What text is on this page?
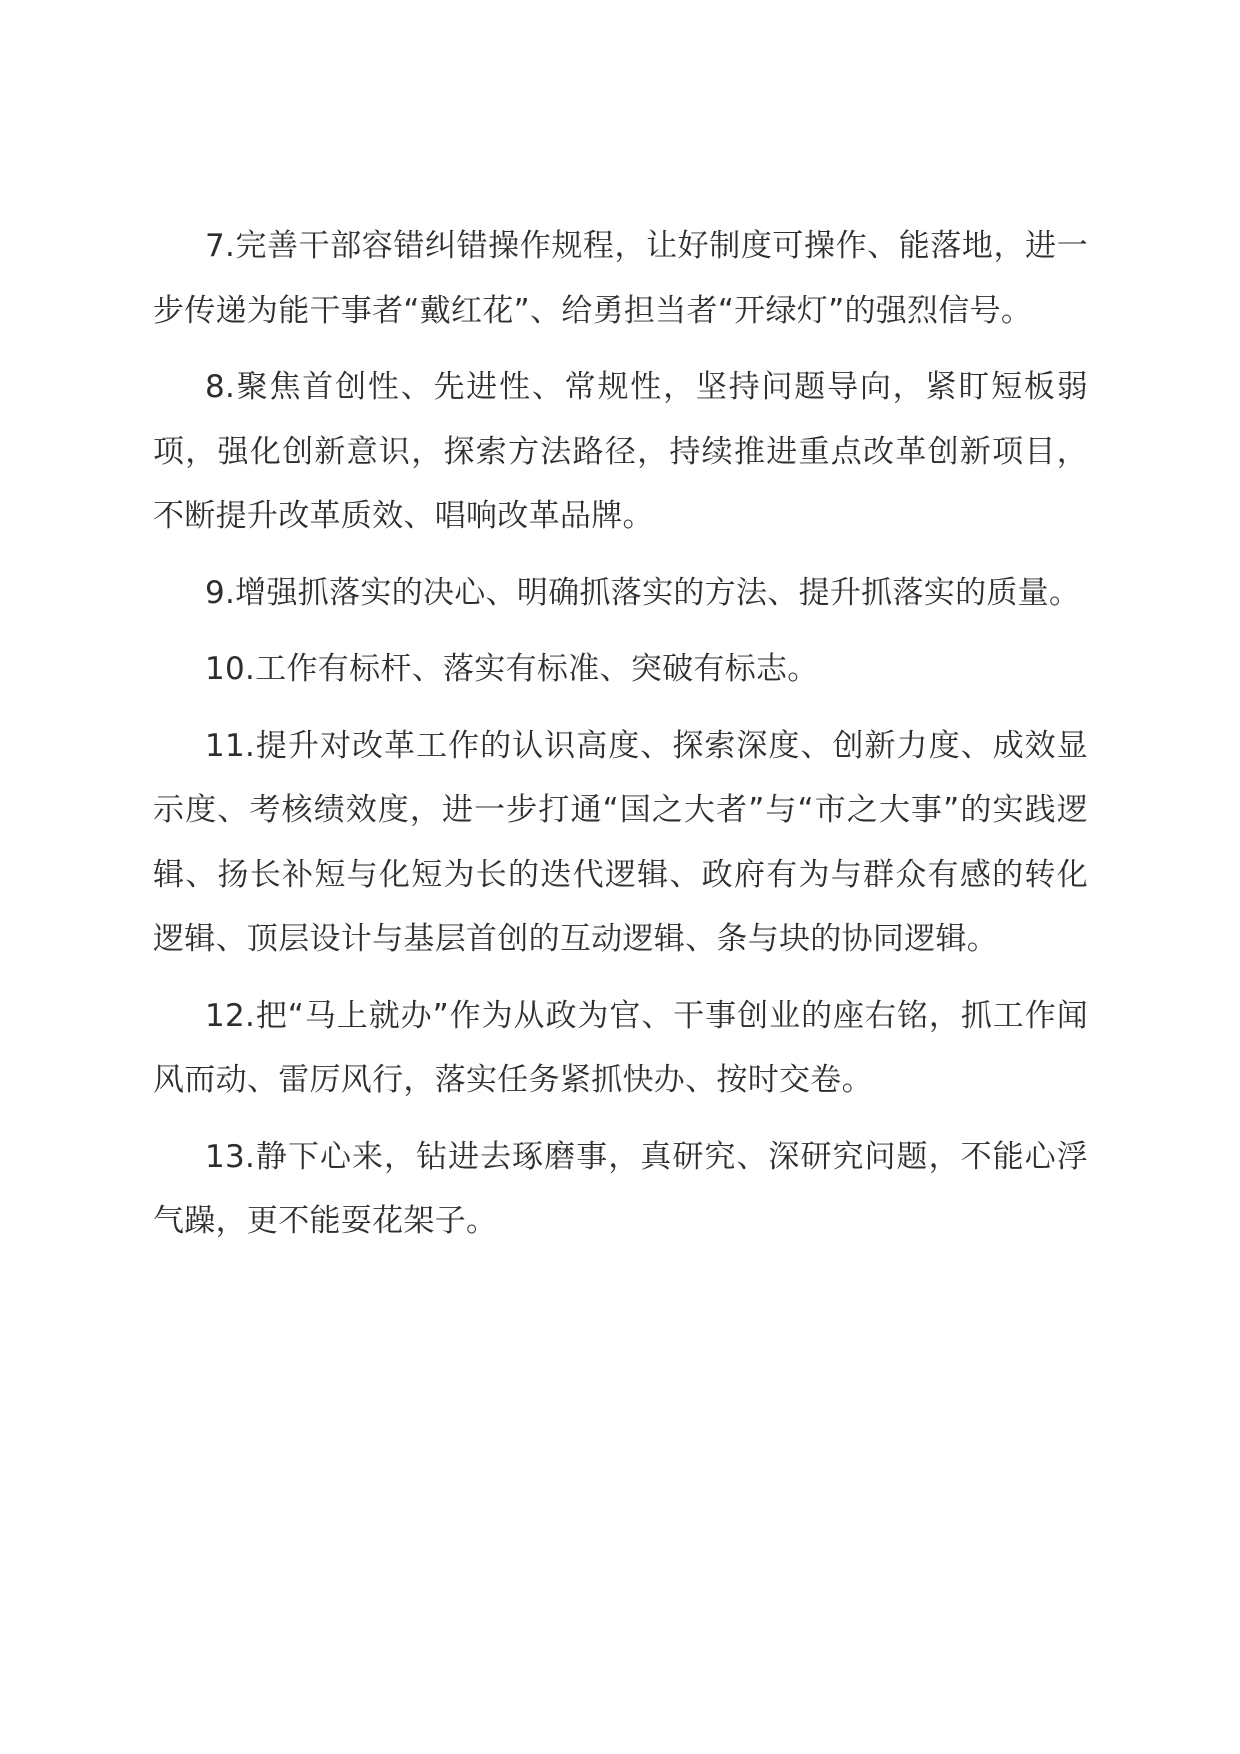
7.完善干部容错纠错操作规程，让好制度可操作、能落地，进一步传递为能干事者“戴红花”、给勇担当者“开绿灯”的强烈信号。

8.聚焦首创性、先进性、常规性，坚持问题导向，紧盯短板弱项，强化创新意识，探索方法路径，持续推进重点改革创新项目，不断提升改革质效、唱响改革品牌。

9.增强抓落实的决心、明确抓落实的方法、提升抓落实的质量。

10.工作有标杆、落实有标准、突破有标志。

11.提升对改革工作的认识高度、探索深度、创新力度、成效显示度、考核绩效度，进一步打通“国之大者”与“市之大事”的实践逻辑、扬长补短与化短为长的迭代逻辑、政府有为与群众有感的转化逻辑、顶层设计与基层首创的互动逻辑、条与块的协同逻辑。

12.把“马上就办”作为从政为官、干事创业的座右铭，抓工作闻风而动、雷厉风行，落实任务紧抓快办、按时交卷。

13.静下心来，钻进去琢磨事，真研究、深研究问题，不能心浮气躁，更不能耍花架子。
